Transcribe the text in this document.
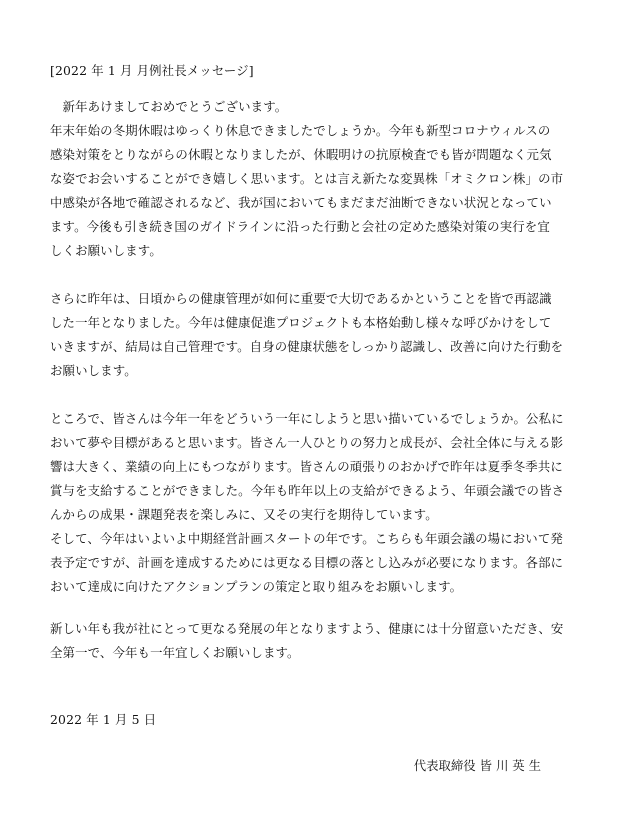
[2022 年 1 月 月例社長メッセージ]
　新年あけましておめでとうございます。
年末年始の冬期休暇はゆっくり休息できましたでしょうか。今年も新型コロナウィルスの
感染対策をとりながらの休暇となりましたが、休暇明けの抗原検査でも皆が問題なく元気
な姿でお会いすることができ嬉しく思います。とは言え新たな変異株「オミクロン株」の市
中感染が各地で確認されるなど、我が国においてもまだまだ油断できない状況となってい
ます。今後も引き続き国のガイドラインに沿った行動と会社の定めた感染対策の実行を宜
しくお願いします。
さらに昨年は、日頃からの健康管理が如何に重要で大切であるかということを皆で再認識
した一年となりました。今年は健康促進プロジェクトも本格始動し様々な呼びかけをして
いきますが、結局は自己管理です。自身の健康状態をしっかり認識し、改善に向けた行動を
お願いします。
ところで、皆さんは今年一年をどういう一年にしようと思い描いているでしょうか。公私に
おいて夢や目標があると思います。皆さん一人ひとりの努力と成長が、会社全体に与える影
響は大きく、業績の向上にもつながります。皆さんの頑張りのおかげで昨年は夏季冬季共に
賞与を支給することができました。今年も昨年以上の支給ができるよう、年頭会議での皆さ
んからの成果・課題発表を楽しみに、又その実行を期待しています。
そして、今年はいよいよ中期経営計画スタートの年です。こちらも年頭会議の場において発
表予定ですが、計画を達成するためには更なる目標の落とし込みが必要になります。各部に
おいて達成に向けたアクションプランの策定と取り組みをお願いします。
新しい年も我が社にとって更なる発展の年となりますよう、健康には十分留意いただき、安
全第一で、今年も一年宜しくお願いします。
2022 年 1 月 5 日
代表取締役 皆 川 英 生
